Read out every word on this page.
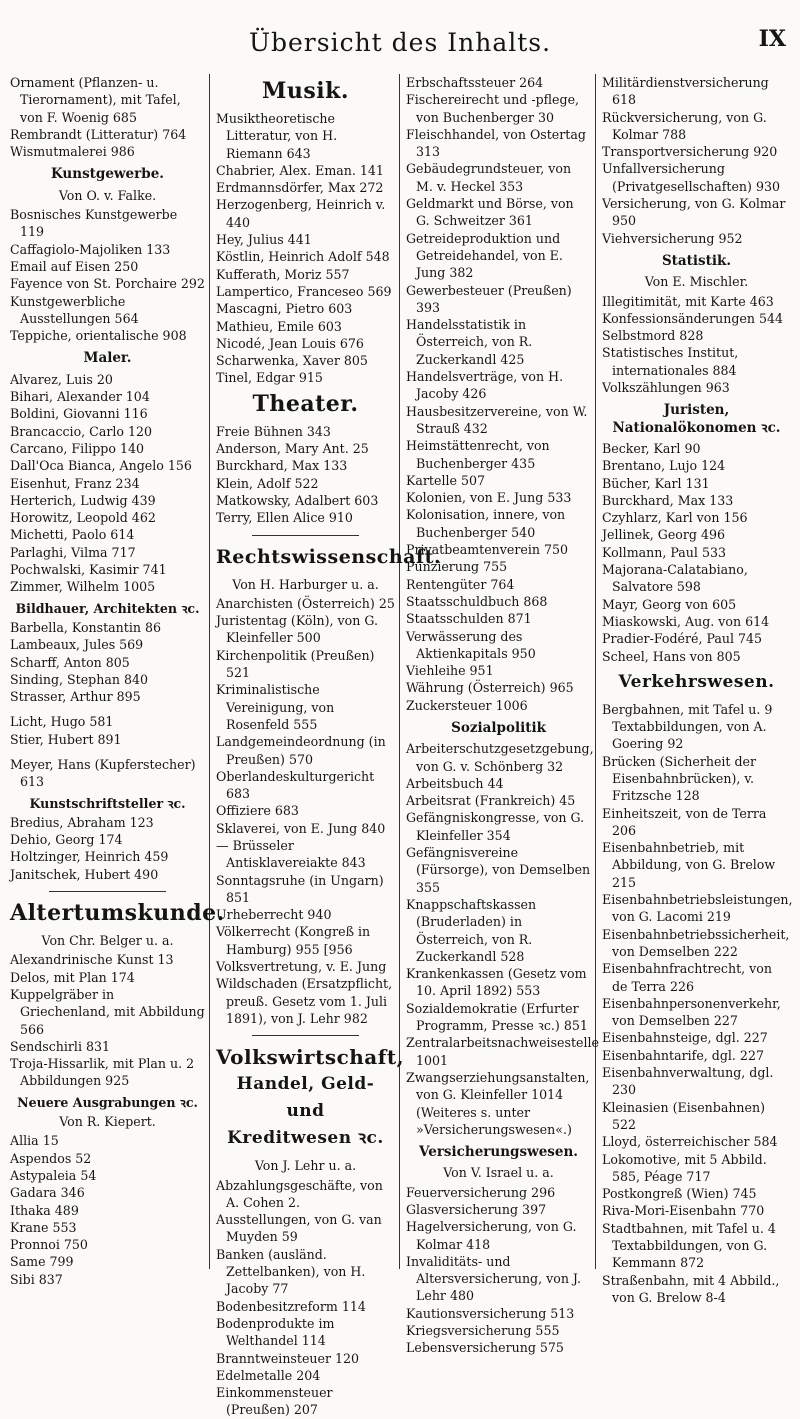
Übersicht des Inhalts.	IX
Ornament (Pflanzen- u. Tierornament), mit Tafel, von F. Woenig 685
Rembrandt (Litteratur) 764
Wismutmalerei 986
Kunstgewerbe.
Von O. v. Falke.
Bosnisches Kunstgewerbe 119
Caffagiolo-Majoliken 133
Email auf Eisen 250
Fayence von St. Porchaire 292
Kunstgewerbliche Ausstellungen 564
Teppiche, orientalische 908
Maler.
Alvarez, Luis 20
Bihari, Alexander 104
Boldini, Giovanni 116
Brancaccio, Carlo 120
Carcano, Filippo 140
Dall'Oca Bianca, Angelo 156
Eisenhut, Franz 234
Herterich, Ludwig 439
Horowitz, Leopold 462
Michetti, Paolo 614
Parlaghi, Vilma 717
Pochwalski, Kasimir 741
Zimmer, Wilhelm 1005
Bildhauer, Architekten ꝛc.
Barbella, Konstantin 86
Lambeaux, Jules 569
Scharff, Anton 805
Sinding, Stephan 840
Strasser, Arthur 895
Licht, Hugo 581
Stier, Hubert 891
Meyer, Hans (Kupferstecher) 613
Kunstschriftsteller ꝛc.
Bredius, Abraham 123
Dehio, Georg 174
Holtzinger, Heinrich 459
Janitschek, Hubert 490
Altertumskunde.
Von Chr. Belger u. a.
Alexandrinische Kunst 13
Delos, mit Plan 174
Kuppelgräber in Griechenland, mit Abbildung 566
Sendschirli 831
Troja-Hissarlik, mit Plan u. 2 Abbildungen 925
Neuere Ausgrabungen ꝛc.
Von R. Kiepert.
Allia 15
Aspendos 52
Astypaleia 54
Gadara 346
Ithaka 489
Krane 553
Pronnoi 750
Same 799
Sibi 837
Musik.
Musiktheoretische Litteratur, von H. Riemann 643
Chabrier, Alex. Eman. 141
Erdmannsdörfer, Max 272
Herzogenberg, Heinrich v. 440
Hey, Julius 441
Köstlin, Heinrich Adolf 548
Kufferath, Moriz 557
Lampertico, Franceseo 569
Mascagni, Pietro 603
Mathieu, Emile 603
Nicodé, Jean Louis 676
Scharwenka, Xaver 805
Tinel, Edgar 915
Theater.
Freie Bühnen 343
Anderson, Mary Ant. 25
Burckhard, Max 133
Klein, Adolf 522
Matkowsky, Adalbert 603
Terry, Ellen Alice 910
Rechtswissenschaft.
Von H. Harburger u. a.
Anarchisten (Österreich) 25
Juristentag (Köln), von G. Kleinfeller 500
Kirchenpolitik (Preußen) 521
Kriminalistische Vereinigung, von Rosenfeld 555
Landgemeindeordnung (in Preußen) 570
Oberlandeskulturgericht 683
Offiziere 683
Sklaverei, von E. Jung 840
— Brüsseler Antisklavereiakte 843
Sonntagsruhe (in Ungarn) 851
Urheberrecht 940
Völkerrecht (Kongreß in Hamburg) 955 [956
Volksvertretung, v. E. Jung
Wildschaden (Ersatzpflicht, preuß. Gesetz vom 1. Juli 1891), von J. Lehr 982
Volkswirtschaft,
Handel, Geld- und
Kreditwesen ꝛc.
Von J. Lehr u. a.
Abzahlungsgeschäfte, von A. Cohen 2.
Ausstellungen, von G. van Muyden 59
Banken (ausländ. Zettelbanken), von H. Jacoby 77
Bodenbesitzreform 114
Bodenprodukte im Welthandel 114
Branntweinsteuer 120
Edelmetalle 204
Einkommensteuer (Preußen) 207
Erbschaftssteuer 264
Fischereirecht und -pflege, von Buchenberger 30
Fleischhandel, von Ostertag 313
Gebäudegrundsteuer, von M. v. Heckel 353
Geldmarkt und Börse, von G. Schweitzer 361
Getreideproduktion und Getreidehandel, von E. Jung 382
Gewerbesteuer (Preußen) 393
Handelsstatistik in Österreich, von R. Zuckerkandl 425
Handelsverträge, von H. Jacoby 426
Hausbesitzervereine, von W. Strauß 432
Heimstättenrecht, von Buchenberger 435
Kartelle 507
Kolonien, von E. Jung 533
Kolonisation, innere, von Buchenberger 540
Privatbeamtenverein 750
Punzierung 755
Rentengüter 764
Staatsschuldbuch 868
Staatsschulden 871
Verwässerung des Aktienkapitals 950
Viehleihe 951
Währung (Österreich) 965
Zuckersteuer 1006
Sozialpolitik
Arbeiterschutzgesetzgebung, von G. v. Schönberg 32
Arbeitsbuch 44
Arbeitsrat (Frankreich) 45
Gefängniskongresse, von G. Kleinfeller 354
Gefängnisvereine (Fürsorge), von Demselben 355
Knappschaftskassen (Bruderladen) in Österreich, von R. Zuckerkandl 528
Krankenkassen (Gesetz vom 10. April 1892) 553
Sozialdemokratie (Erfurter Programm, Presse ꝛc.) 851
Zentralarbeitsnachweisestelle 1001
Zwangserziehungsanstalten, von G. Kleinfeller 1014 (Weiteres s. unter »Versicherungswesen«.)
Versicherungswesen.
Von V. Israel u. a.
Feuerversicherung 296
Glasversicherung 397
Hagelversicherung, von G. Kolmar 418
Invaliditäts- und Altersversicherung, von J. Lehr 480
Kautionsversicherung 513
Kriegsversicherung 555
Lebensversicherung 575
Militärdienstversicherung 618
Rückversicherung, von G. Kolmar 788
Transportversicherung 920
Unfallversicherung (Privatgesellschaften) 930
Versicherung, von G. Kolmar 950
Viehversicherung 952
Statistik.
Von E. Mischler.
Illegitimität, mit Karte 463
Konfessionsänderungen 544
Selbstmord 828
Statistisches Institut, internationales 884
Volkszählungen 963
Juristen, Nationalökonomen ꝛc.
Becker, Karl 90
Brentano, Lujo 124
Bücher, Karl 131
Burckhard, Max 133
Czyhlarz, Karl von 156
Jellinek, Georg 496
Kollmann, Paul 533
Majorana-Calatabiano, Salvatore 598
Mayr, Georg von 605
Miaskowski, Aug. von 614
Pradier-Fodéré, Paul 745
Scheel, Hans von 805
Verkehrswesen.
Bergbahnen, mit Tafel u. 9 Textabbildungen, von A. Goering 92
Brücken (Sicherheit der Eisenbahnbrücken), v. Fritzsche 128
Einheitszeit, von de Terra 206
Eisenbahnbetrieb, mit Abbildung, von G. Brelow 215
Eisenbahnbetriebsleistungen, von G. Lacomi 219
Eisenbahnbetriebssicherheit, von Demselben 222
Eisenbahnfrachtrecht, von de Terra 226
Eisenbahnpersonenverkehr, von Demselben 227
Eisenbahnsteige, dgl. 227
Eisenbahntarife, dgl. 227
Eisenbahnverwaltung, dgl. 230
Kleinasien (Eisenbahnen) 522
Lloyd, österreichischer 584
Lokomotive, mit 5 Abbild. 585, Péage 717
Postkongreß (Wien) 745
Riva-Mori-Eisenbahn 770
Stadtbahnen, mit Tafel u. 4 Textabbildungen, von G. Kemmann 872
Straßenbahn, mit 4 Abbild., von G. Brelow 8-4
